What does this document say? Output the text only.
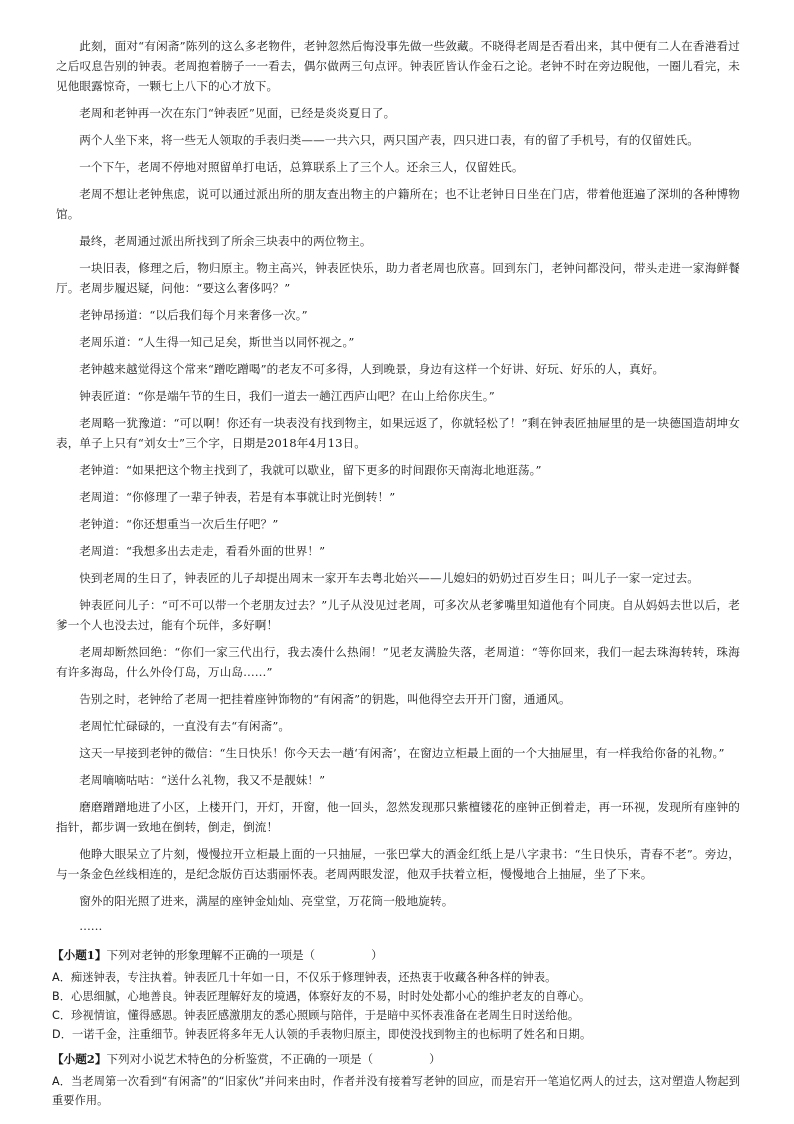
此刻，面对“有闲斋”陈列的这么多老物件，老钟忽然后悔没事先做一些敛藏。不晓得老周是否看出来，其中便有二人在香港看过之后叹息告别的钟表。老周抱着膀子一一看去，偶尔做两三句点评。钟表匠皆认作金石之论。老钟不时在旁边睨他，一圈儿看完，未见他眼露惊奇，一颗七上八下的心才放下。

老周和老钟再一次在东门“钟表匠”见面，已经是炎炎夏日了。

两个人坐下来，将一些无人领取的手表归类——一共六只，两只国产表，四只进口表，有的留了手机号，有的仅留姓氏。

一个下午，老周不停地对照留单打电话，总算联系上了三个人。还余三人，仅留姓氏。

老周不想让老钟焦虑，说可以通过派出所的朋友查出物主的户籍所在；也不让老钟日日坐在门店，带着他逛遍了深圳的各种博物馆。

最终，老周通过派出所找到了所余三块表中的两位物主。

一块旧表，修理之后，物归原主。物主高兴，钟表匠快乐，助力者老周也欣喜。回到东门，老钟问都没问，带头走进一家海鲜餐厅。老周步履迟疑，问他：“要这么奢侈吗？”

老钟昂扬道：“以后我们每个月来奢侈一次。”

老周乐道：“人生得一知己足矣，斯世当以同怀视之。”

老钟越来越觉得这个常来“蹭吃蹭喝”的老友不可多得，人到晚景，身边有这样一个好讲、好玩、好乐的人，真好。

钟表匠道：“你是端午节的生日，我们一道去一趟江西庐山吧？在山上给你庆生。”

老周略一犹豫道：“可以啊！你还有一块表没有找到物主，如果远返了，你就轻松了！”剩在钟表匠抽屉里的是一块德国造胡坤女表，单子上只有“刘女士”三个字，日期是2018年4月13日。

老钟道：“如果把这个物主找到了，我就可以歇业，留下更多的时间跟你天南海北地逛荡。”

老周道：“你修理了一辈子钟表，若是有本事就让时光倒转！”

老钟道：“你还想重当一次后生仔吧？”

老周道：“我想多出去走走，看看外面的世界！”

快到老周的生日了，钟表匠的儿子却提出周末一家开车去粤北始兴——儿媳妇的奶奶过百岁生日；叫儿子一家一定过去。

钟表匠问儿子：“可不可以带一个老朋友过去？”儿子从没见过老周，可多次从老爹嘴里知道他有个同庚。自从妈妈去世以后，老爹一个人也没去过，能有个玩伴，多好啊！

老周却断然回绝：“你们一家三代出行，我去凑什么热闹！”见老友满脸失落，老周道：“等你回来，我们一起去珠海转转，珠海有许多海岛，什么外伶仃岛，万山岛……”

告别之时，老钟给了老周一把挂着座钟饰物的“有闲斋”的钥匙，叫他得空去开开门窗，通通风。

老周忙忙碌碌的，一直没有去“有闲斋”。

这天一早接到老钟的微信：“生日快乐！你今天去一趟‘有闲斋’，在窗边立柜最上面的一个大抽屉里，有一样我给你备的礼物。”

老周嘀嘀咕咕：“送什么礼物，我又不是靓妹！”

磨磨蹭蹭地进了小区，上楼开门，开灯，开窗，他一回头，忽然发现那只紫檀镂花的座钟正倒着走，再一环视，发现所有座钟的指针，都步调一致地在倒转，倒走，倒流！

他睁大眼呆立了片刻，慢慢拉开立柜最上面的一只抽屉，一张巴掌大的酒金红纸上是八字隶书：“生日快乐，青春不老”。旁边，与一条金色丝线相连的，是纪念版仿百达翡丽怀表。老周两眼发涩，他双手扶着立柜，慢慢地合上抽屉，坐了下来。

窗外的阳光照了进来，满屋的座钟金灿灿、亮堂堂，万花筒一般地旋转。

……

【小题1】下列对老钟的形象理解不正确的一项是（	）

A．痴迷钟表，专注执着。钟表匠几十年如一日，不仅乐于修理钟表，还热衷于收藏各种各样的钟表。

B．心思细腻，心地善良。钟表匠理解好友的境遇，体察好友的不易，时时处处都小心的维护老友的自尊心。

C．珍视情谊，懂得感恩。钟表匠感激朋友的悉心照顾与陪伴，于是暗中买怀表准备在老周生日时送给他。

D．一诺千金，注重细节。钟表匠将多年无人认领的手表物归原主，即使没找到物主的也标明了姓名和日期。

【小题2】下列对小说艺术特色的分析鉴赏，不正确的一项是（	）

A．当老周第一次看到“有闲斋”的“旧家伙”并问来由时，作者并没有接着写老钟的回应，而是宕开一笔追忆两人的过去，这对塑造人物起到重要作用。
